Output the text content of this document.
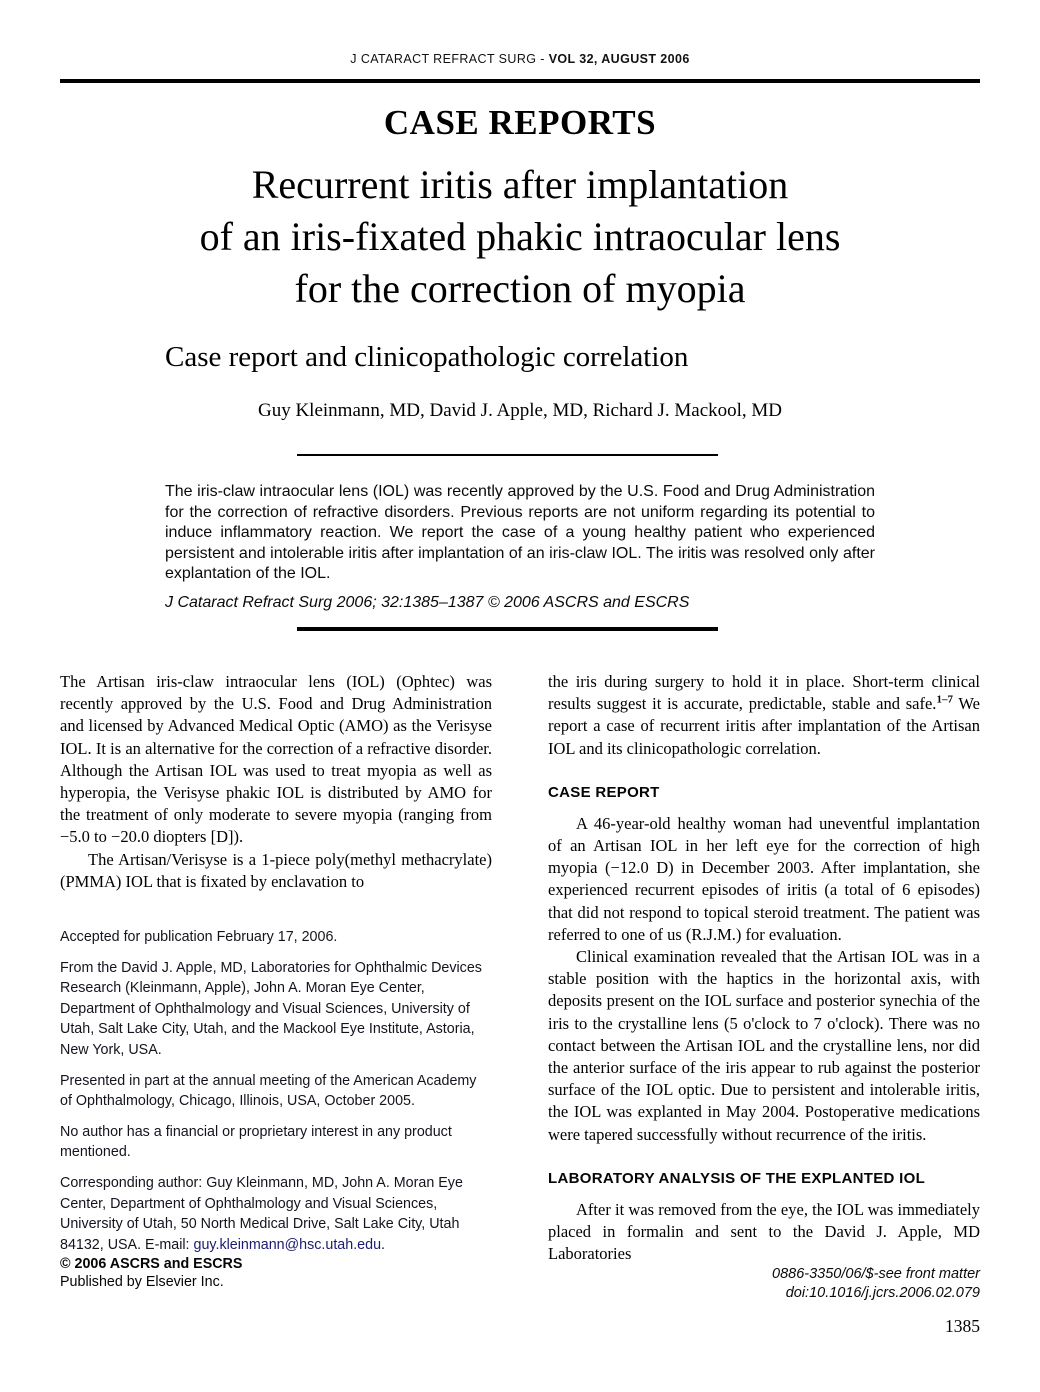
J CATARACT REFRACT SURG - VOL 32, AUGUST 2006
CASE REPORTS
Recurrent iritis after implantation
of an iris-fixated phakic intraocular lens
for the correction of myopia
Case report and clinicopathologic correlation
Guy Kleinmann, MD, David J. Apple, MD, Richard J. Mackool, MD

The iris-claw intraocular lens (IOL) was recently approved by the U.S. Food and Drug Administration for the correction of refractive disorders. Previous reports are not uniform regarding its potential to induce inflammatory reaction. We report the case of a young healthy patient who experienced persistent and intolerable iritis after implantation of an iris-claw IOL. The iritis was resolved only after explantation of the IOL.

J Cataract Refract Surg 2006; 32:1385–1387 © 2006 ASCRS and ESCRS

The Artisan iris-claw intraocular lens (IOL) (Ophtec) was recently approved by the U.S. Food and Drug Administration and licensed by Advanced Medical Optic (AMO) as the Verisyse IOL. It is an alternative for the correction of a refractive disorder. Although the Artisan IOL was used to treat myopia as well as hyperopia, the Verisyse phakic IOL is distributed by AMO for the treatment of only moderate to severe myopia (ranging from −5.0 to −20.0 diopters [D]).

The Artisan/Verisyse is a 1-piece poly(methyl methacrylate) (PMMA) IOL that is fixated by enclavation to

Accepted for publication February 17, 2006.

From the David J. Apple, MD, Laboratories for Ophthalmic Devices Research (Kleinmann, Apple), John A. Moran Eye Center, Department of Ophthalmology and Visual Sciences, University of Utah, Salt Lake City, Utah, and the Mackool Eye Institute, Astoria, New York, USA.

Presented in part at the annual meeting of the American Academy of Ophthalmology, Chicago, Illinois, USA, October 2005.

No author has a financial or proprietary interest in any product mentioned.

Corresponding author: Guy Kleinmann, MD, John A. Moran Eye Center, Department of Ophthalmology and Visual Sciences, University of Utah, 50 North Medical Drive, Salt Lake City, Utah 84132, USA. E-mail: guy.kleinmann@hsc.utah.edu.

© 2006 ASCRS and ESCRS
Published by Elsevier Inc.

the iris during surgery to hold it in place. Short-term clinical results suggest it is accurate, predictable, stable and safe.$^{1-7}$ We report a case of recurrent iritis after implantation of the Artisan IOL and its clinicopathologic correlation.

CASE REPORT

A 46-year-old healthy woman had uneventful implantation of an Artisan IOL in her left eye for the correction of high myopia (−12.0 D) in December 2003. After implantation, she experienced recurrent episodes of iritis (a total of 6 episodes) that did not respond to topical steroid treatment. The patient was referred to one of us (R.J.M.) for evaluation.

Clinical examination revealed that the Artisan IOL was in a stable position with the haptics in the horizontal axis, with deposits present on the IOL surface and posterior synechia of the iris to the crystalline lens (5 o'clock to 7 o'clock). There was no contact between the Artisan IOL and the crystalline lens, nor did the anterior surface of the iris appear to rub against the posterior surface of the IOL optic. Due to persistent and intolerable iritis, the IOL was explanted in May 2004. Postoperative medications were tapered successfully without recurrence of the iritis.

LABORATORY ANALYSIS OF THE EXPLANTED IOL

After it was removed from the eye, the IOL was immediately placed in formalin and sent to the David J. Apple, MD Laboratories

0886-3350/06/$-see front matter
doi:10.1016/j.jcrs.2006.02.079
1385
